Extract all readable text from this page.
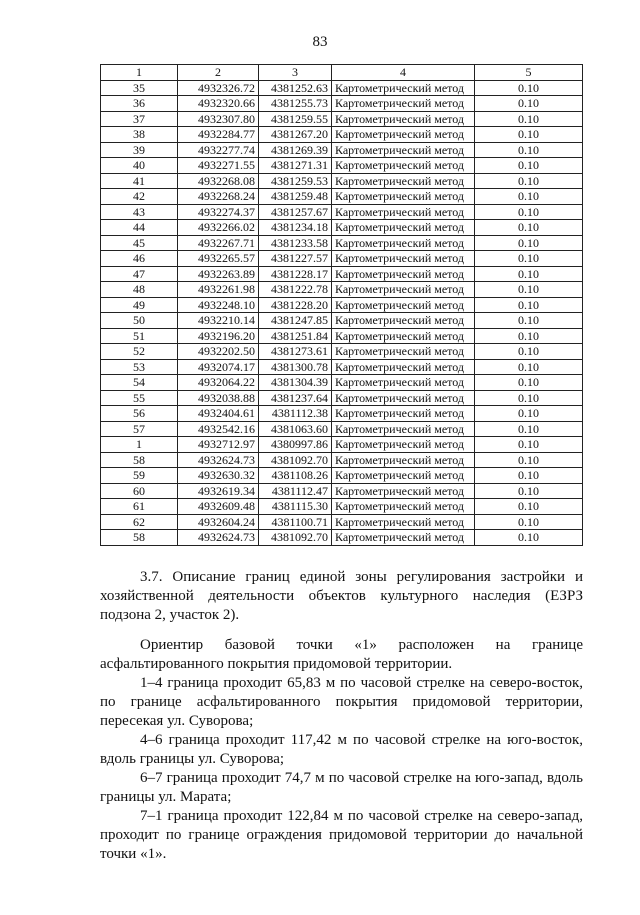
83
1	2	3	4	5
35	4932326.72	4381252.63	Картометрический метод	0.10
36	4932320.66	4381255.73	Картометрический метод	0.10
37	4932307.80	4381259.55	Картометрический метод	0.10
38	4932284.77	4381267.20	Картометрический метод	0.10
39	4932277.74	4381269.39	Картометрический метод	0.10
40	4932271.55	4381271.31	Картометрический метод	0.10
41	4932268.08	4381259.53	Картометрический метод	0.10
42	4932268.24	4381259.48	Картометрический метод	0.10
43	4932274.37	4381257.67	Картометрический метод	0.10
44	4932266.02	4381234.18	Картометрический метод	0.10
45	4932267.71	4381233.58	Картометрический метод	0.10
46	4932265.57	4381227.57	Картометрический метод	0.10
47	4932263.89	4381228.17	Картометрический метод	0.10
48	4932261.98	4381222.78	Картометрический метод	0.10
49	4932248.10	4381228.20	Картометрический метод	0.10
50	4932210.14	4381247.85	Картометрический метод	0.10
51	4932196.20	4381251.84	Картометрический метод	0.10
52	4932202.50	4381273.61	Картометрический метод	0.10
53	4932074.17	4381300.78	Картометрический метод	0.10
54	4932064.22	4381304.39	Картометрический метод	0.10
55	4932038.88	4381237.64	Картометрический метод	0.10
56	4932404.61	4381112.38	Картометрический метод	0.10
57	4932542.16	4381063.60	Картометрический метод	0.10
1	4932712.97	4380997.86	Картометрический метод	0.10
58	4932624.73	4381092.70	Картометрический метод	0.10
59	4932630.32	4381108.26	Картометрический метод	0.10
60	4932619.34	4381112.47	Картометрический метод	0.10
61	4932609.48	4381115.30	Картометрический метод	0.10
62	4932604.24	4381100.71	Картометрический метод	0.10
58	4932624.73	4381092.70	Картометрический метод	0.10

3.7. Описание границ единой зоны регулирования застройки и хозяйственной деятельности объектов культурного наследия (ЕЗРЗ подзона 2, участок 2).

Ориентир базовой точки «1» расположен на границе асфальтированного покрытия придомовой территории.

1–4 граница проходит 65,83 м по часовой стрелке на северо-восток, по границе асфальтированного покрытия придомовой территории, пересекая ул. Суворова;

4–6 граница проходит 117,42 м по часовой стрелке на юго-восток, вдоль границы ул. Суворова;

6–7 граница проходит 74,7 м по часовой стрелке на юго-запад, вдоль границы ул. Марата;

7–1 граница проходит 122,84 м по часовой стрелке на северо-запад, проходит по границе ограждения придомовой территории до начальной точки «1».
